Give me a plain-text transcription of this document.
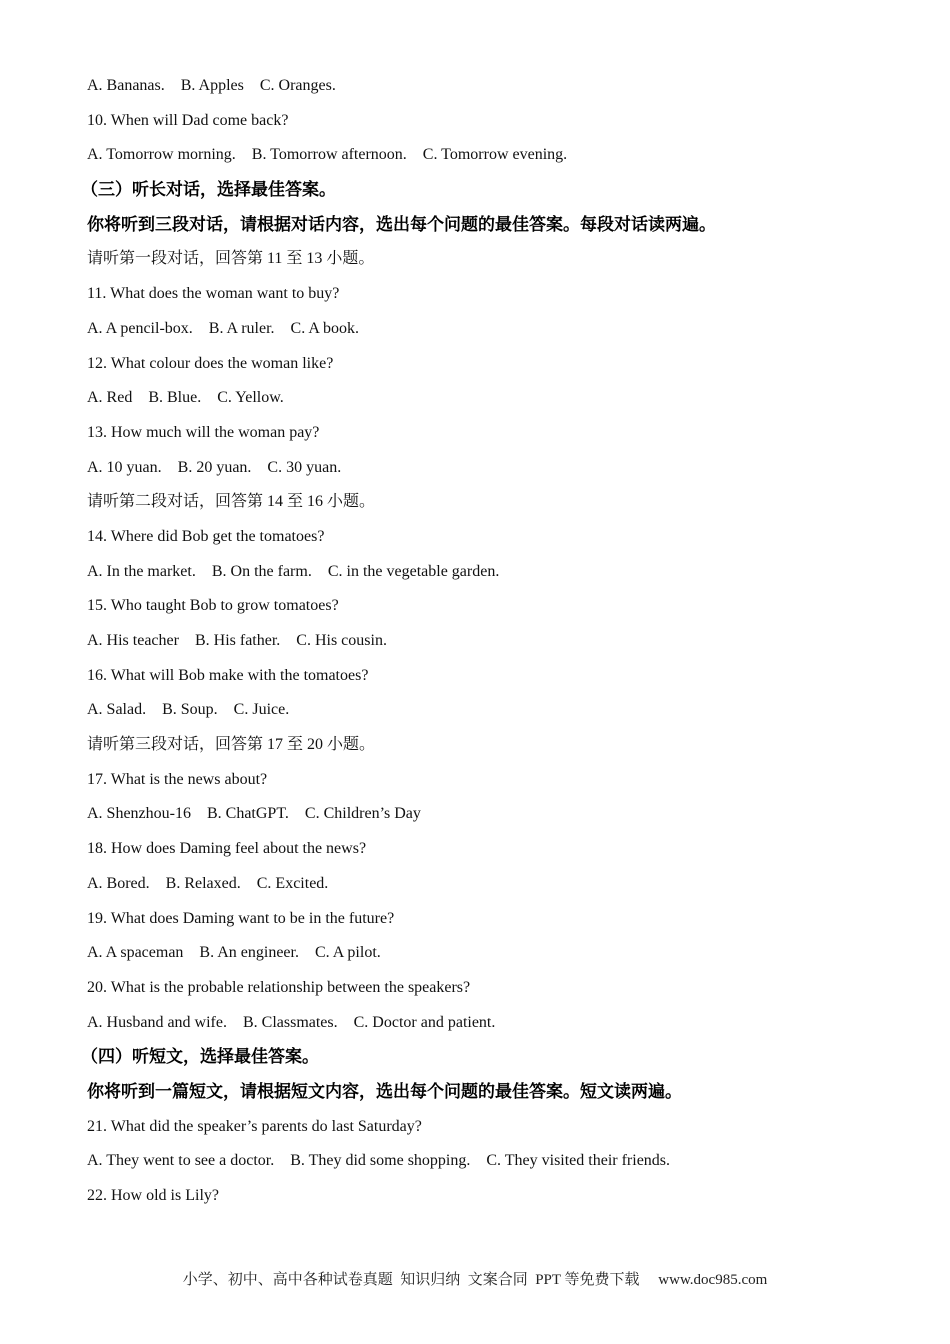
A. Bananas.    B. Apples    C. Oranges.
10. When will Dad come back?
A. Tomorrow morning.    B. Tomorrow afternoon.    C. Tomorrow evening.
（三）听长对话，选择最佳答案。
你将听到三段对话，请根据对话内容，选出每个问题的最佳答案。每段对话读两遍。
请听第一段对话，回答第 11 至 13 小题。
11. What does the woman want to buy?
A. A pencil-box.    B. A ruler.    C. A book.
12. What colour does the woman like?
A. Red    B. Blue.    C. Yellow.
13. How much will the woman pay?
A. 10 yuan.    B. 20 yuan.    C. 30 yuan.
请听第二段对话，回答第 14 至 16 小题。
14. Where did Bob get the tomatoes?
A. In the market.    B. On the farm.    C. in the vegetable garden.
15. Who taught Bob to grow tomatoes?
A. His teacher    B. His father.    C. His cousin.
16. What will Bob make with the tomatoes?
A. Salad.    B. Soup.    C. Juice.
请听第三段对话，回答第 17 至 20 小题。
17. What is the news about?
A. Shenzhou-16    B. ChatGPT.    C. Children’s Day
18. How does Daming feel about the news?
A. Bored.    B. Relaxed.    C. Excited.
19. What does Daming want to be in the future?
A. A spaceman    B. An engineer.    C. A pilot.
20. What is the probable relationship between the speakers?
A. Husband and wife.    B. Classmates.    C. Doctor and patient.
（四）听短文，选择最佳答案。
你将听到一篇短文，请根据短文内容，选出每个问题的最佳答案。短文读两遍。
21. What did the speaker’s parents do last Saturday?
A. They went to see a doctor.    B. They did some shopping.    C. They visited their friends.
22. How old is Lily?
小学、初中、高中各种试卷真题  知识归纳  文案合同  PPT 等免费下载     www.doc985.com
